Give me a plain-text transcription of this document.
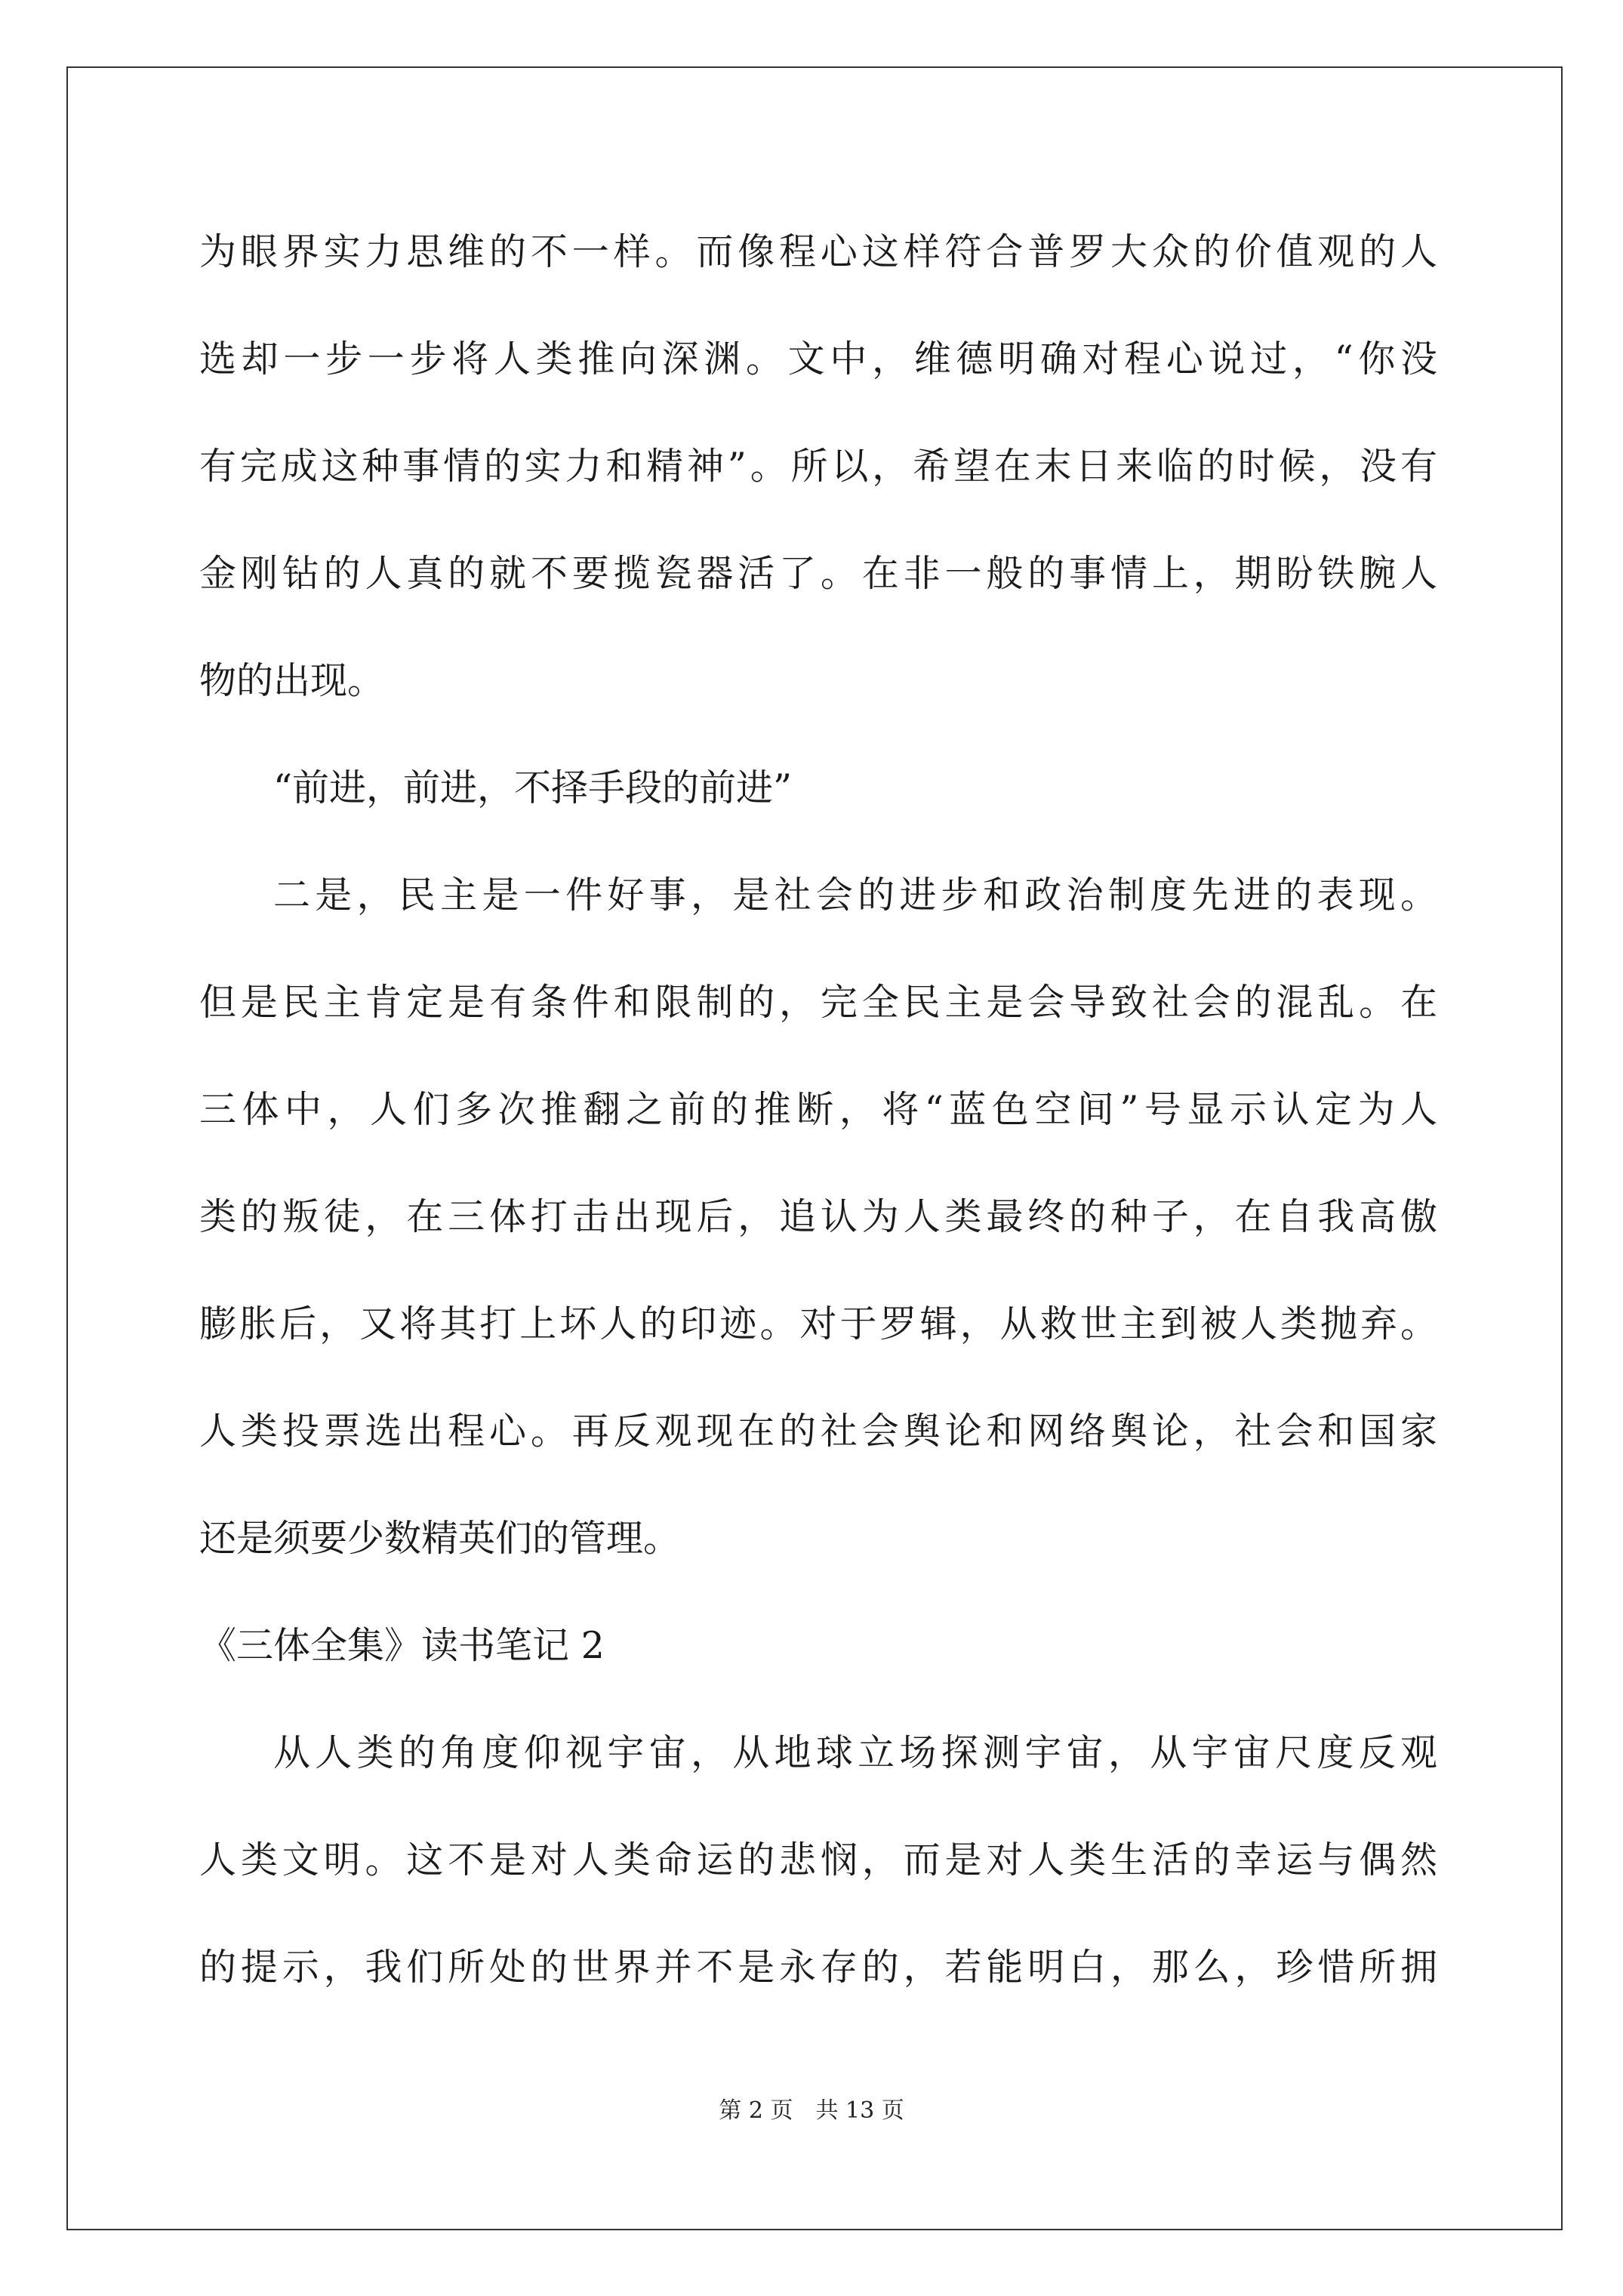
为眼界实力思维的不一样。而像程心这样符合普罗大众的价值观的人
选却一步一步将人类推向深渊。文中，维德明确对程心说过，“你没
有完成这种事情的实力和精神”。所以，希望在末日来临的时候，没有
金刚钻的人真的就不要揽瓷器活了。在非一般的事情上，期盼铁腕人
物的出现。
“前进，前进，不择手段的前进”
二是，民主是一件好事，是社会的进步和政治制度先进的表现。
但是民主肯定是有条件和限制的，完全民主是会导致社会的混乱。在
三体中，人们多次推翻之前的推断，将“蓝色空间”号显示认定为人
类的叛徒，在三体打击出现后，追认为人类最终的种子，在自我高傲
膨胀后，又将其打上坏人的印迹。对于罗辑，从救世主到被人类抛弃。
人类投票选出程心。再反观现在的社会舆论和网络舆论，社会和国家
还是须要少数精英们的管理。
《三体全集》读书笔记 2
从人类的角度仰视宇宙，从地球立场探测宇宙，从宇宙尺度反观
人类文明。这不是对人类命运的悲悯，而是对人类生活的幸运与偶然
的提示，我们所处的世界并不是永存的，若能明白，那么，珍惜所拥
第 2 页　共 13 页
